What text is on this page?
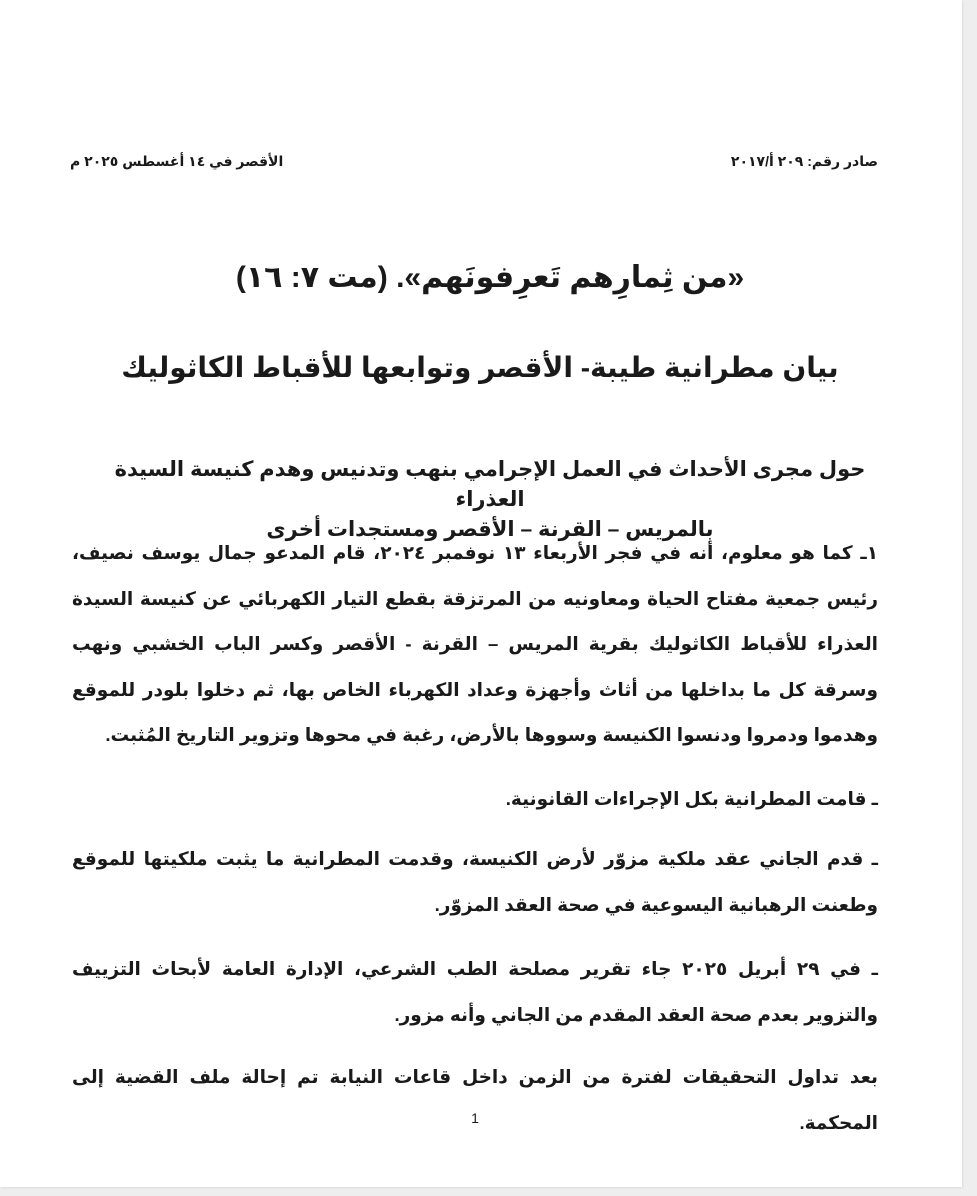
صادر رقم: ٢٠٩ أ/٢٠١٧
الأقصر في ١٤ أغسطس ٢٠٢٥ م
«من ثِمارِهم تَعرِفونَهم». (مت ٧: ١٦)
بيان مطرانية طيبة- الأقصر وتوابعها للأقباط الكاثوليك
حول مجرى الأحداث في العمل الإجرامي بنهب وتدنيس وهدم كنيسة السيدة العذراء
بالمريس – القرنة – الأقصر ومستجدات أخرى

١ـ كما هو معلوم، أنه في فجر الأربعاء ١٣ نوفمبر ٢٠٢٤، قام المدعو جمال يوسف نصيف، رئيس جمعية مفتاح الحياة ومعاونيه من المرتزقة بقطع التيار الكهربائي عن كنيسة السيدة العذراء للأقباط الكاثوليك بقرية المريس – القرنة - الأقصر وكسر الباب الخشبي ونهب وسرقة كل ما بداخلها من أثاث وأجهزة وعداد الكهرباء الخاص بها، ثم دخلوا بلودر للموقع وهدموا ودمروا ودنسوا الكنيسة وسووها بالأرض، رغبة في محوها وتزوير التاريخ المُثبت.

ـ قامت المطرانية بكل الإجراءات القانونية.

ـ قدم الجاني عقد ملكية مزوّر لأرض الكنيسة، وقدمت المطرانية ما يثبت ملكيتها للموقع وطعنت الرهبانية اليسوعية في صحة العقد المزوّر.

ـ في ٢٩ أبريل ٢٠٢٥ جاء تقرير مصلحة الطب الشرعي، الإدارة العامة لأبحاث التزييف والتزوير بعدم صحة العقد المقدم من الجاني وأنه مزور.

بعد تداول التحقيقات لفترة من الزمن داخل قاعات النيابة تم إحالة ملف القضية إلى المحكمة.

1
